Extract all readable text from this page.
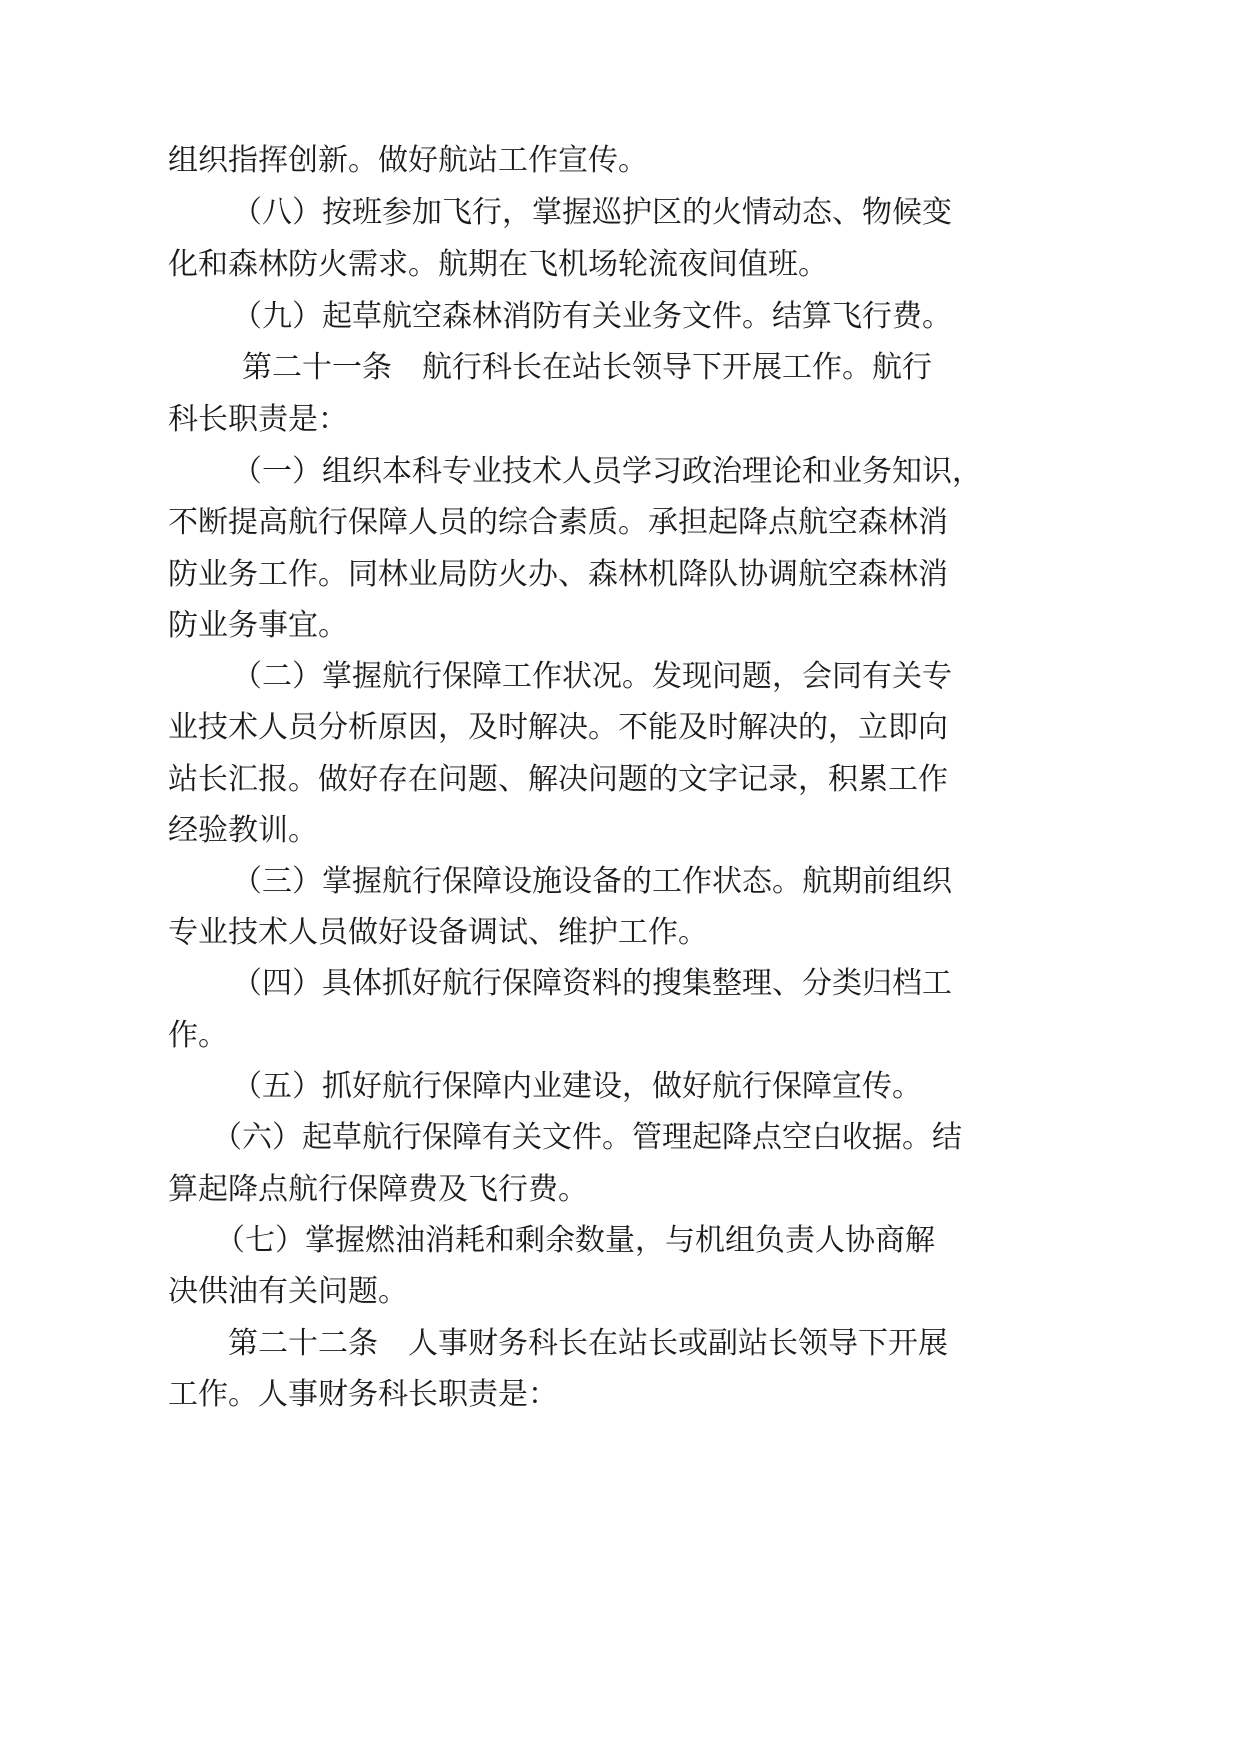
组织指挥创新。做好航站工作宣传。
（八）按班参加飞行，掌握巡护区的火情动态、物候变
化和森林防火需求。航期在飞机场轮流夜间值班。
（九）起草航空森林消防有关业务文件。结算飞行费。
第二十一条　航行科长在站长领导下开展工作。航行
科长职责是：
（一）组织本科专业技术人员学习政治理论和业务知识，
不断提高航行保障人员的综合素质。承担起降点航空森林消
防业务工作。同林业局防火办、森林机降队协调航空森林消
防业务事宜。
（二）掌握航行保障工作状况。发现问题，会同有关专
业技术人员分析原因，及时解决。不能及时解决的，立即向
站长汇报。做好存在问题、解决问题的文字记录，积累工作
经验教训。
（三）掌握航行保障设施设备的工作状态。航期前组织
专业技术人员做好设备调试、维护工作。
（四）具体抓好航行保障资料的搜集整理、分类归档工
作。
（五）抓好航行保障内业建设，做好航行保障宣传。
（六）起草航行保障有关文件。管理起降点空白收据。结
算起降点航行保障费及飞行费。
（七）掌握燃油消耗和剩余数量，与机组负责人协商解
决供油有关问题。
第二十二条　人事财务科长在站长或副站长领导下开展
工作。人事财务科长职责是：
